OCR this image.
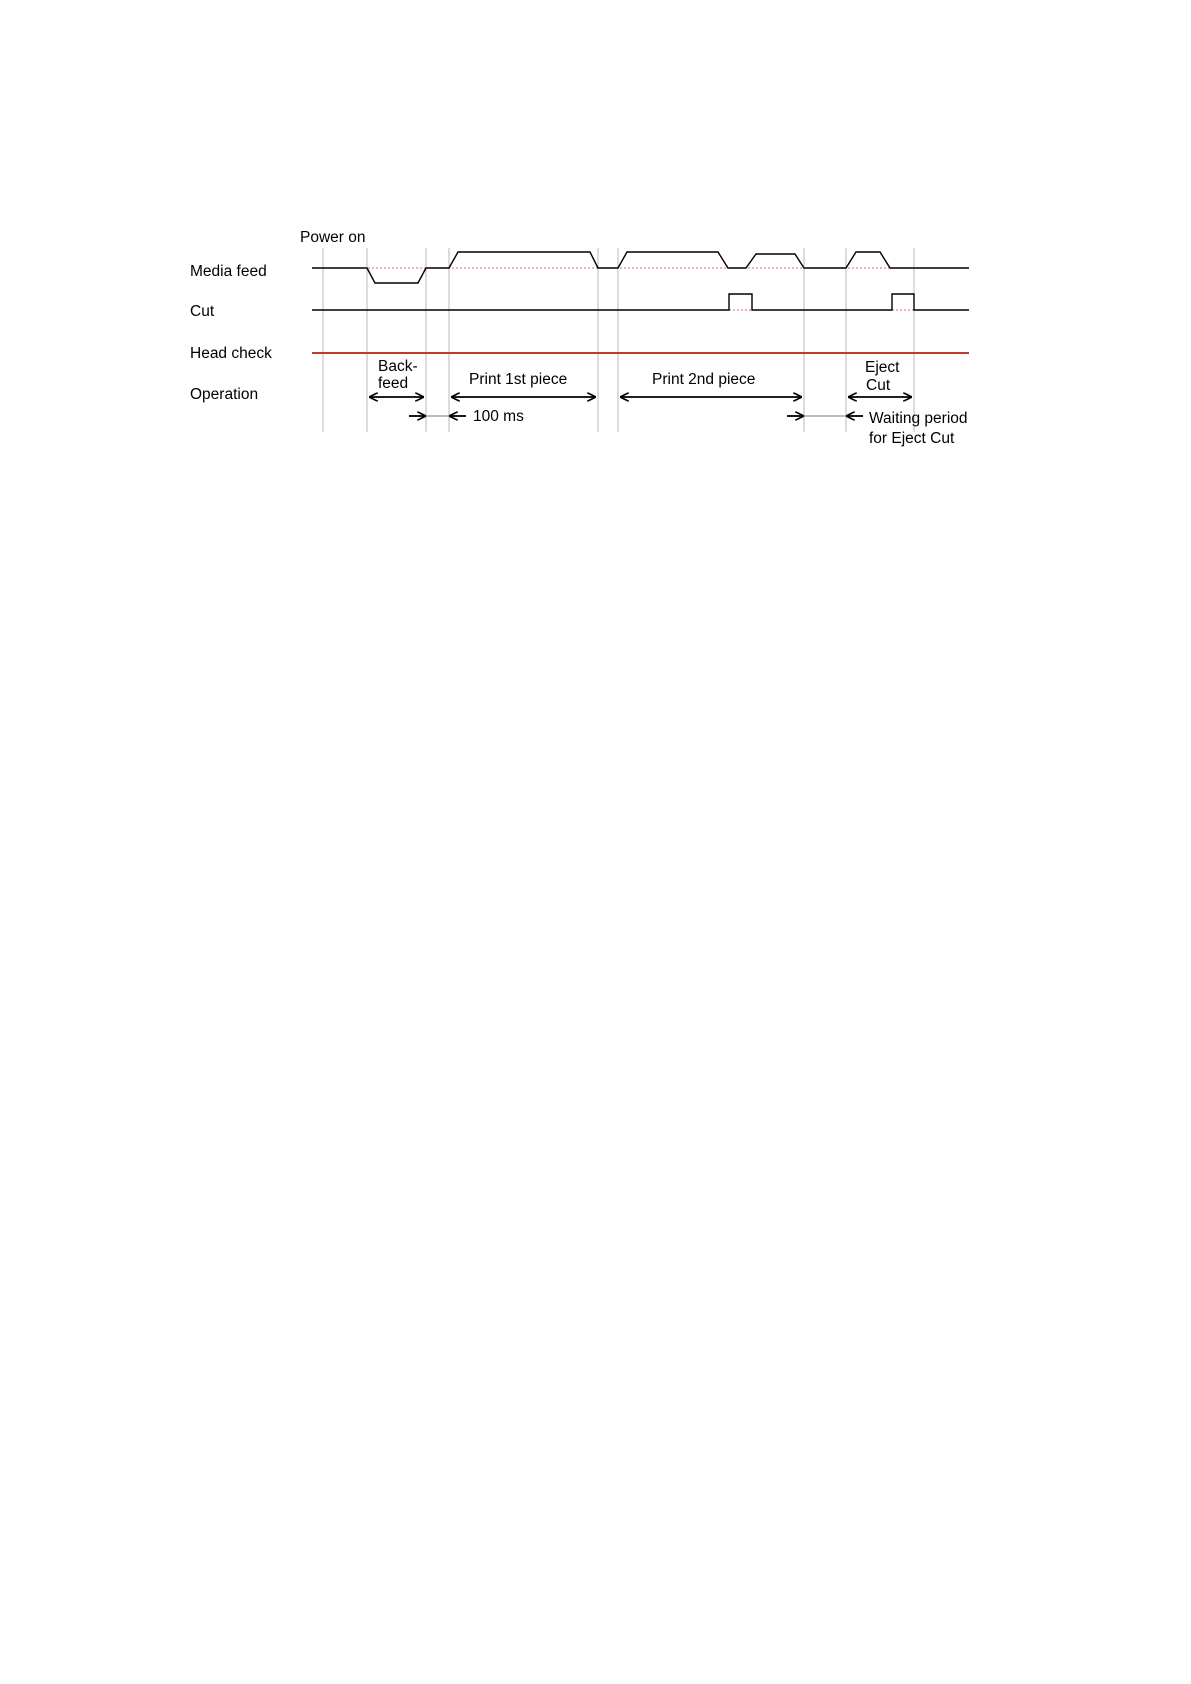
Power on
Media feed
Cut
Head check
Operation
Back-
feed	Print 1st piece	Print 2nd piece
Eject
Cut
100 ms	Waiting period
for Eject Cut
